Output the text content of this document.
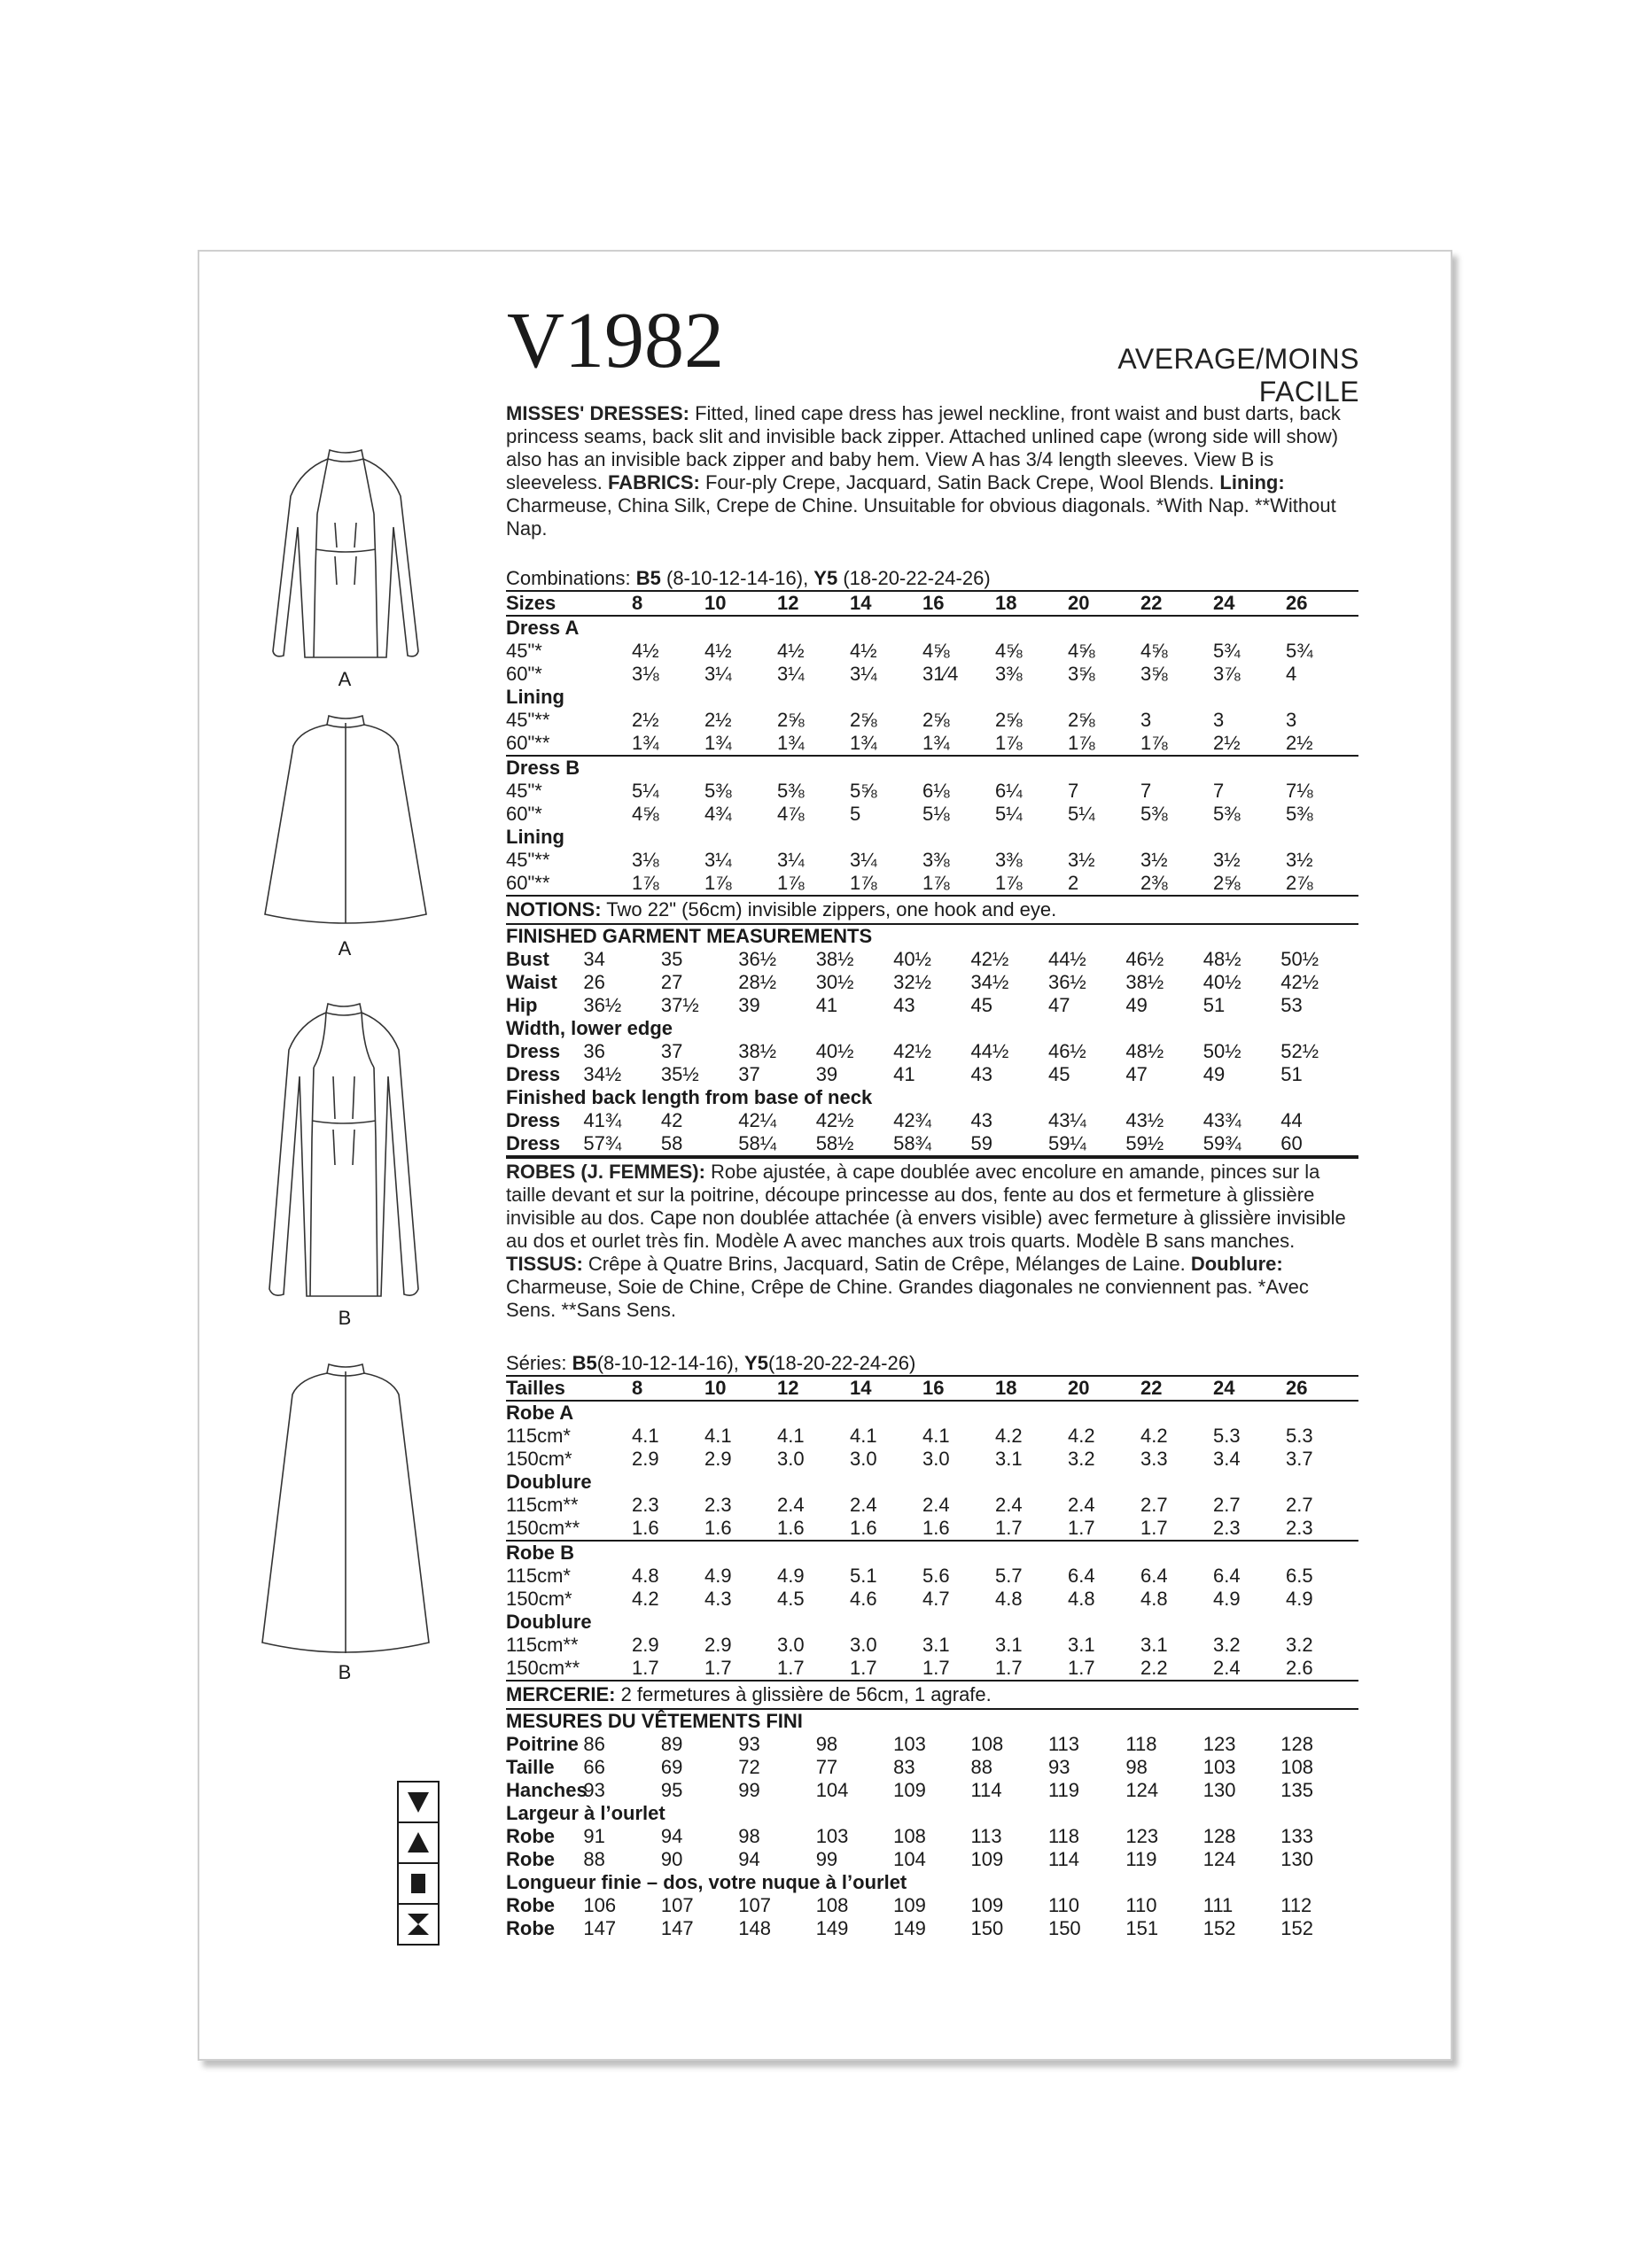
V1982	AVERAGE/MOINS FACILE
A
A
B
B

MISSES' DRESSES: Fitted, lined cape dress has jewel neckline, front waist and bust darts, back princess seams, back slit and invisible back zipper. Attached unlined cape (wrong side will show) also has an invisible back zipper and baby hem. View A has 3/4 length sleeves. View B is sleeveless. FABRICS: Four-ply Crepe, Jacquard, Satin Back Crepe, Wool Blends. Lining: Charmeuse, China Silk, Crepe de Chine. Unsuitable for obvious diagonals. *With Nap. **Without Nap.

Combinations: B5 (8-10-12-14-16), Y5 (18-20-22-24-26)
Sizes	8	10	12	14	16	18	20	22	24	26
Dress A										
45"*	4½	4½	4½	4½	4⅝	4⅝	4⅝	4⅝	5¾	5¾
60"*	3⅛	3¼	3¼	3¼	31⁄4	3⅜	3⅝	3⅝	3⅞	4
Lining										
45"**	2½	2½	2⅝	2⅝	2⅝	2⅝	2⅝	3	3	3
60"**	1¾	1¾	1¾	1¾	1¾	1⅞	1⅞	1⅞	2½	2½
Dress B										
45"*	5¼	5⅜	5⅜	5⅝	6⅛	6¼	7	7	7	7⅛
60"*	4⅝	4¾	4⅞	5	5⅛	5¼	5¼	5⅜	5⅜	5⅜
Lining										
45"**	3⅛	3¼	3¼	3¼	3⅜	3⅜	3½	3½	3½	3½
60"**	1⅞	1⅞	1⅞	1⅞	1⅞	1⅞	2	2⅜	2⅝	2⅞
NOTIONS: Two 22" (56cm) invisible zippers, one hook and eye.
FINISHED GARMENT MEASUREMENTS										
Bust	34	35	36½	38½	40½	42½	44½	46½	48½	50½
Waist	26	27	28½	30½	32½	34½	36½	38½	40½	42½
Hip	36½	37½	39	41	43	45	47	49	51	53
Width, lower edge										
Dress	36	37	38½	40½	42½	44½	46½	48½	50½	52½
Dress	34½	35½	37	39	41	43	45	47	49	51
Finished back length from base of neck										
Dress	41¾	42	42¼	42½	42¾	43	43¼	43½	43¾	44
Dress	57¾	58	58¼	58½	58¾	59	59¼	59½	59¾	60

ROBES (J. FEMMES): Robe ajustée, à cape doublée avec encolure en amande, pinces sur la taille devant et sur la poitrine, découpe princesse au dos, fente au dos et fermeture à glissière invisible au dos. Cape non doublée attachée (à envers visible) avec fermeture à glissière invisible au dos et ourlet très fin. Modèle A avec manches aux trois quarts. Modèle B sans manches. TISSUS: Crêpe à Quatre Brins, Jacquard, Satin de Crêpe, Mélanges de Laine. Doublure: Charmeuse, Soie de Chine, Crêpe de Chine. Grandes diagonales ne conviennent pas. *Avec Sens. **Sans Sens.

Séries: B5(8-10-12-14-16), Y5(18-20-22-24-26)
Tailles	8	10	12	14	16	18	20	22	24	26
Robe A										
115cm*	4.1	4.1	4.1	4.1	4.1	4.2	4.2	4.2	5.3	5.3
150cm*	2.9	2.9	3.0	3.0	3.0	3.1	3.2	3.3	3.4	3.7
Doublure										
115cm**	2.3	2.3	2.4	2.4	2.4	2.4	2.4	2.7	2.7	2.7
150cm**	1.6	1.6	1.6	1.6	1.6	1.7	1.7	1.7	2.3	2.3
Robe B										
115cm*	4.8	4.9	4.9	5.1	5.6	5.7	6.4	6.4	6.4	6.5
150cm*	4.2	4.3	4.5	4.6	4.7	4.8	4.8	4.8	4.9	4.9
Doublure										
115cm**	2.9	2.9	3.0	3.0	3.1	3.1	3.1	3.1	3.2	3.2
150cm**	1.7	1.7	1.7	1.7	1.7	1.7	1.7	2.2	2.4	2.6
MERCERIE: 2 fermetures à glissière de 56cm, 1 agrafe.
MESURES DU VÊTEMENTS FINI										
Poitrine	86	89	93	98	103	108	113	118	123	128
Taille	66	69	72	77	83	88	93	98	103	108
Hanches	93	95	99	104	109	114	119	124	130	135
Largeur à l’ourlet										
Robe	91	94	98	103	108	113	118	123	128	133
Robe	88	90	94	99	104	109	114	119	124	130
Longueur finie – dos, votre nuque à l’ourlet										
Robe	106	107	107	108	109	109	110	110	111	112
Robe	147	147	148	149	149	150	150	151	152	152
